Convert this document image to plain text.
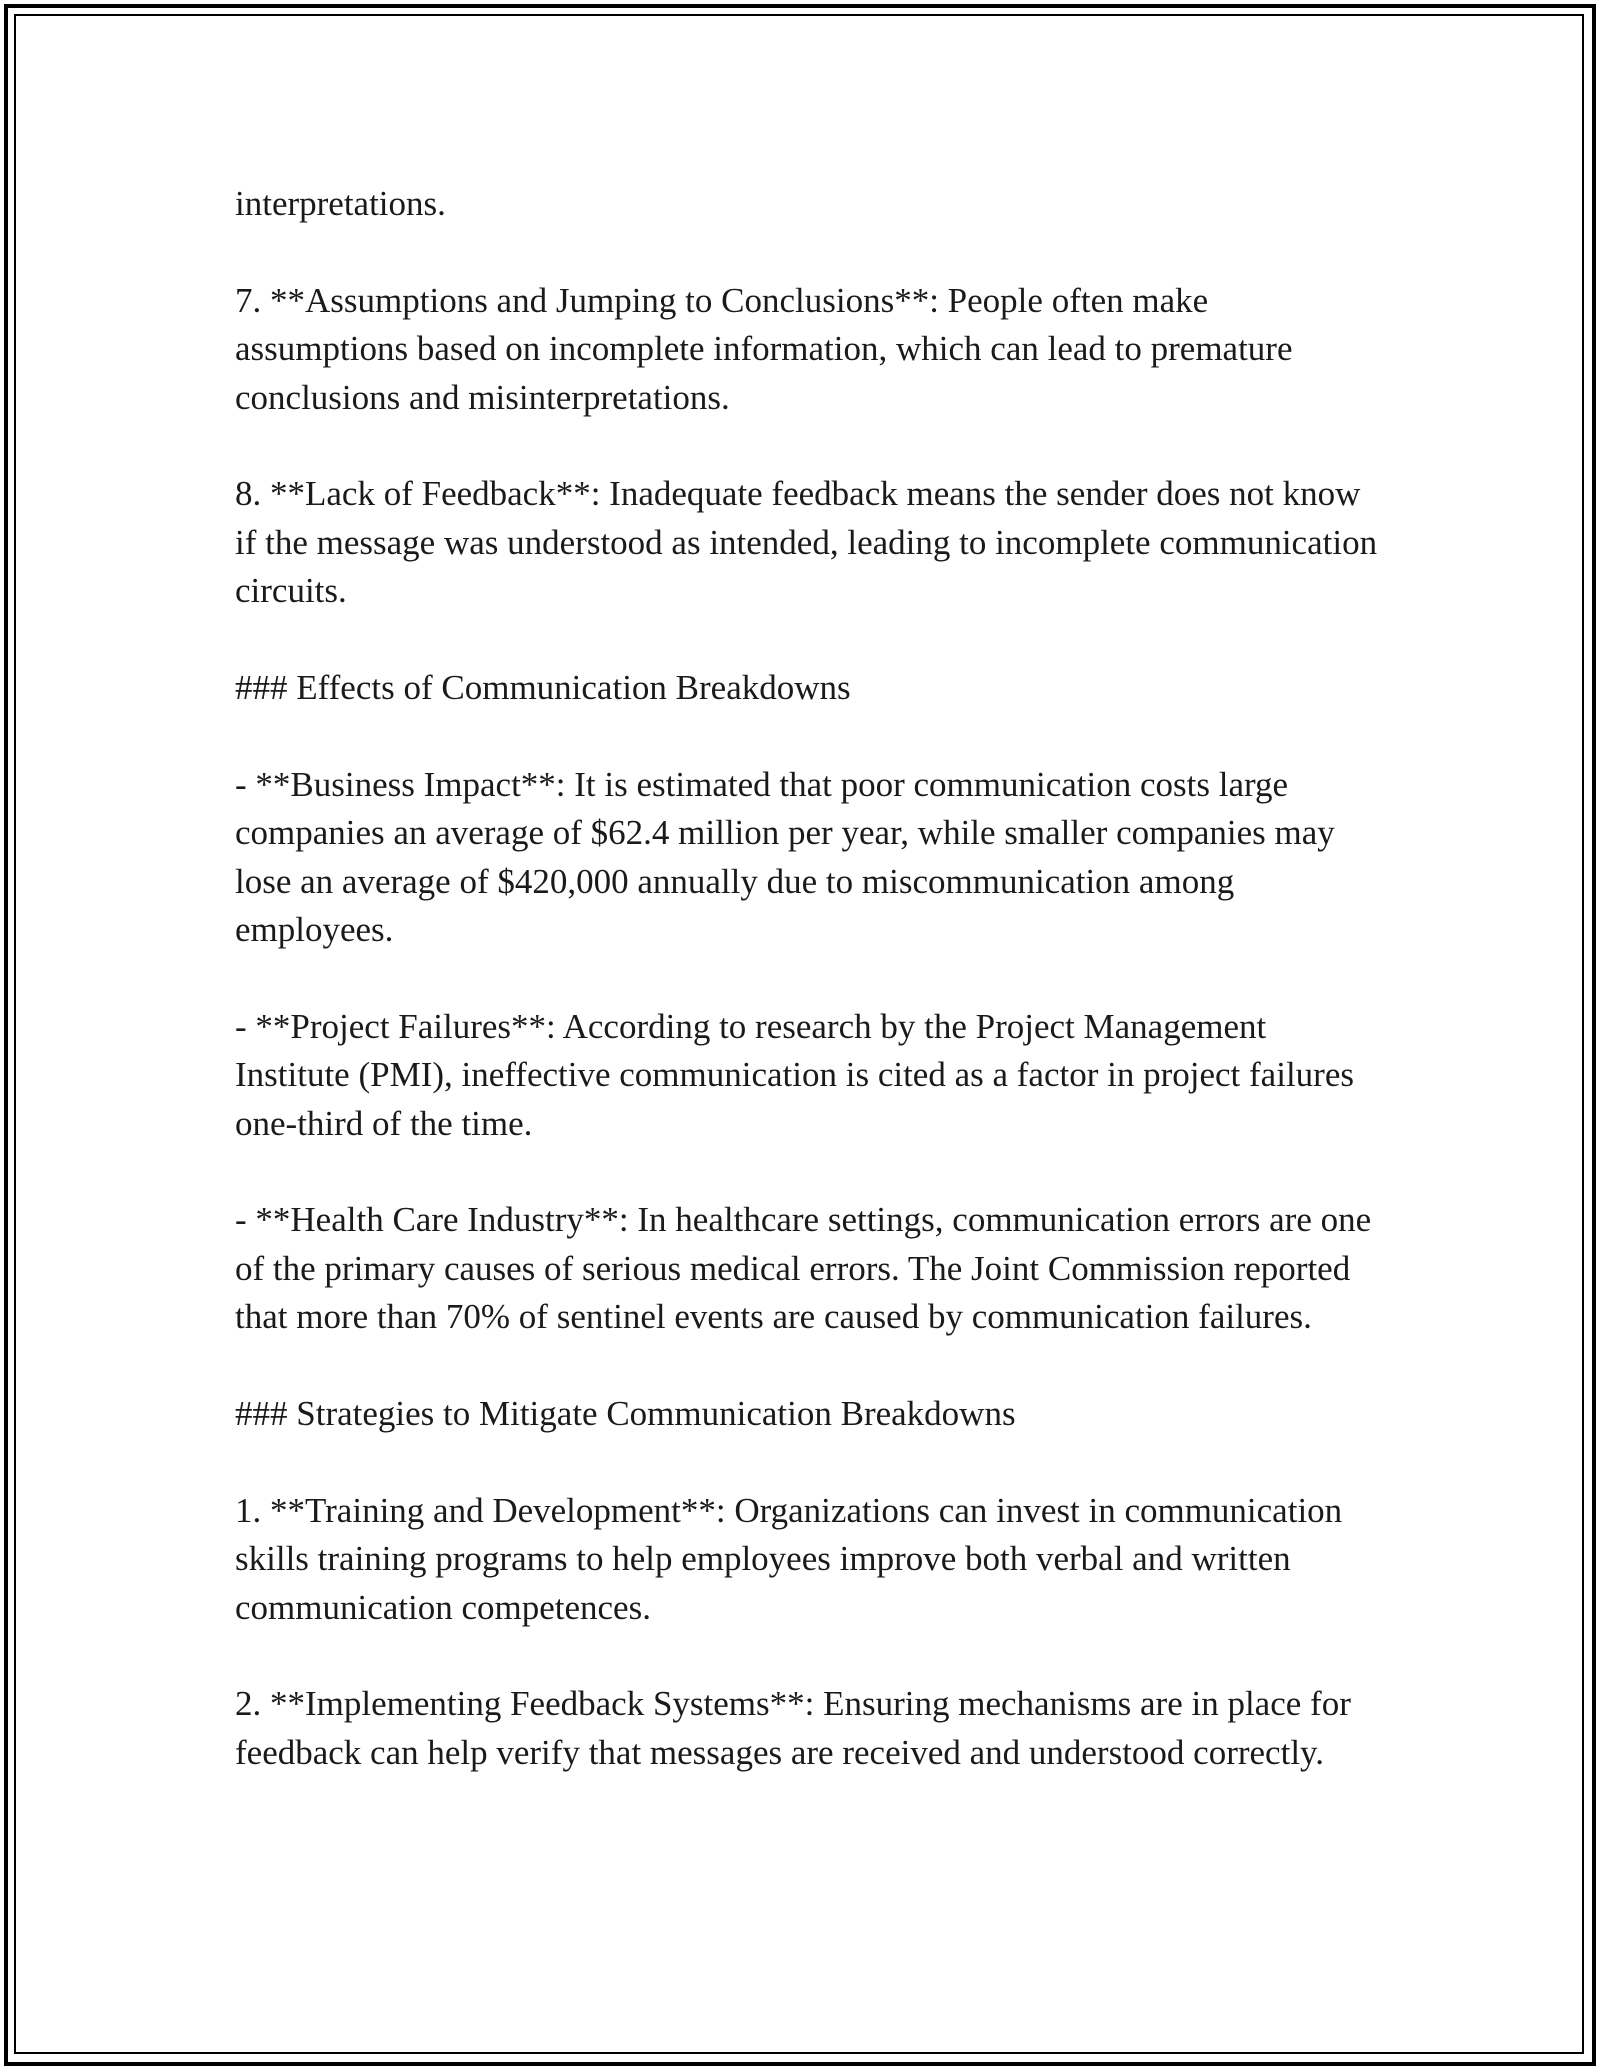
interpretations.

7. **Assumptions and Jumping to Conclusions**: People often make assumptions based on incomplete information, which can lead to premature conclusions and misinterpretations.

8. **Lack of Feedback**: Inadequate feedback means the sender does not know if the message was understood as intended, leading to incomplete communication circuits.

### Effects of Communication Breakdowns

- **Business Impact**: It is estimated that poor communication costs large companies an average of $62.4 million per year, while smaller companies may lose an average of $420,000 annually due to miscommunication among employees.

- **Project Failures**: According to research by the Project Management Institute (PMI), ineffective communication is cited as a factor in project failures one-third of the time.

- **Health Care Industry**: In healthcare settings, communication errors are one of the primary causes of serious medical errors. The Joint Commission reported that more than 70% of sentinel events are caused by communication failures.

### Strategies to Mitigate Communication Breakdowns

1. **Training and Development**: Organizations can invest in communication skills training programs to help employees improve both verbal and written communication competences.

2. **Implementing Feedback Systems**: Ensuring mechanisms are in place for feedback can help verify that messages are received and understood correctly.
